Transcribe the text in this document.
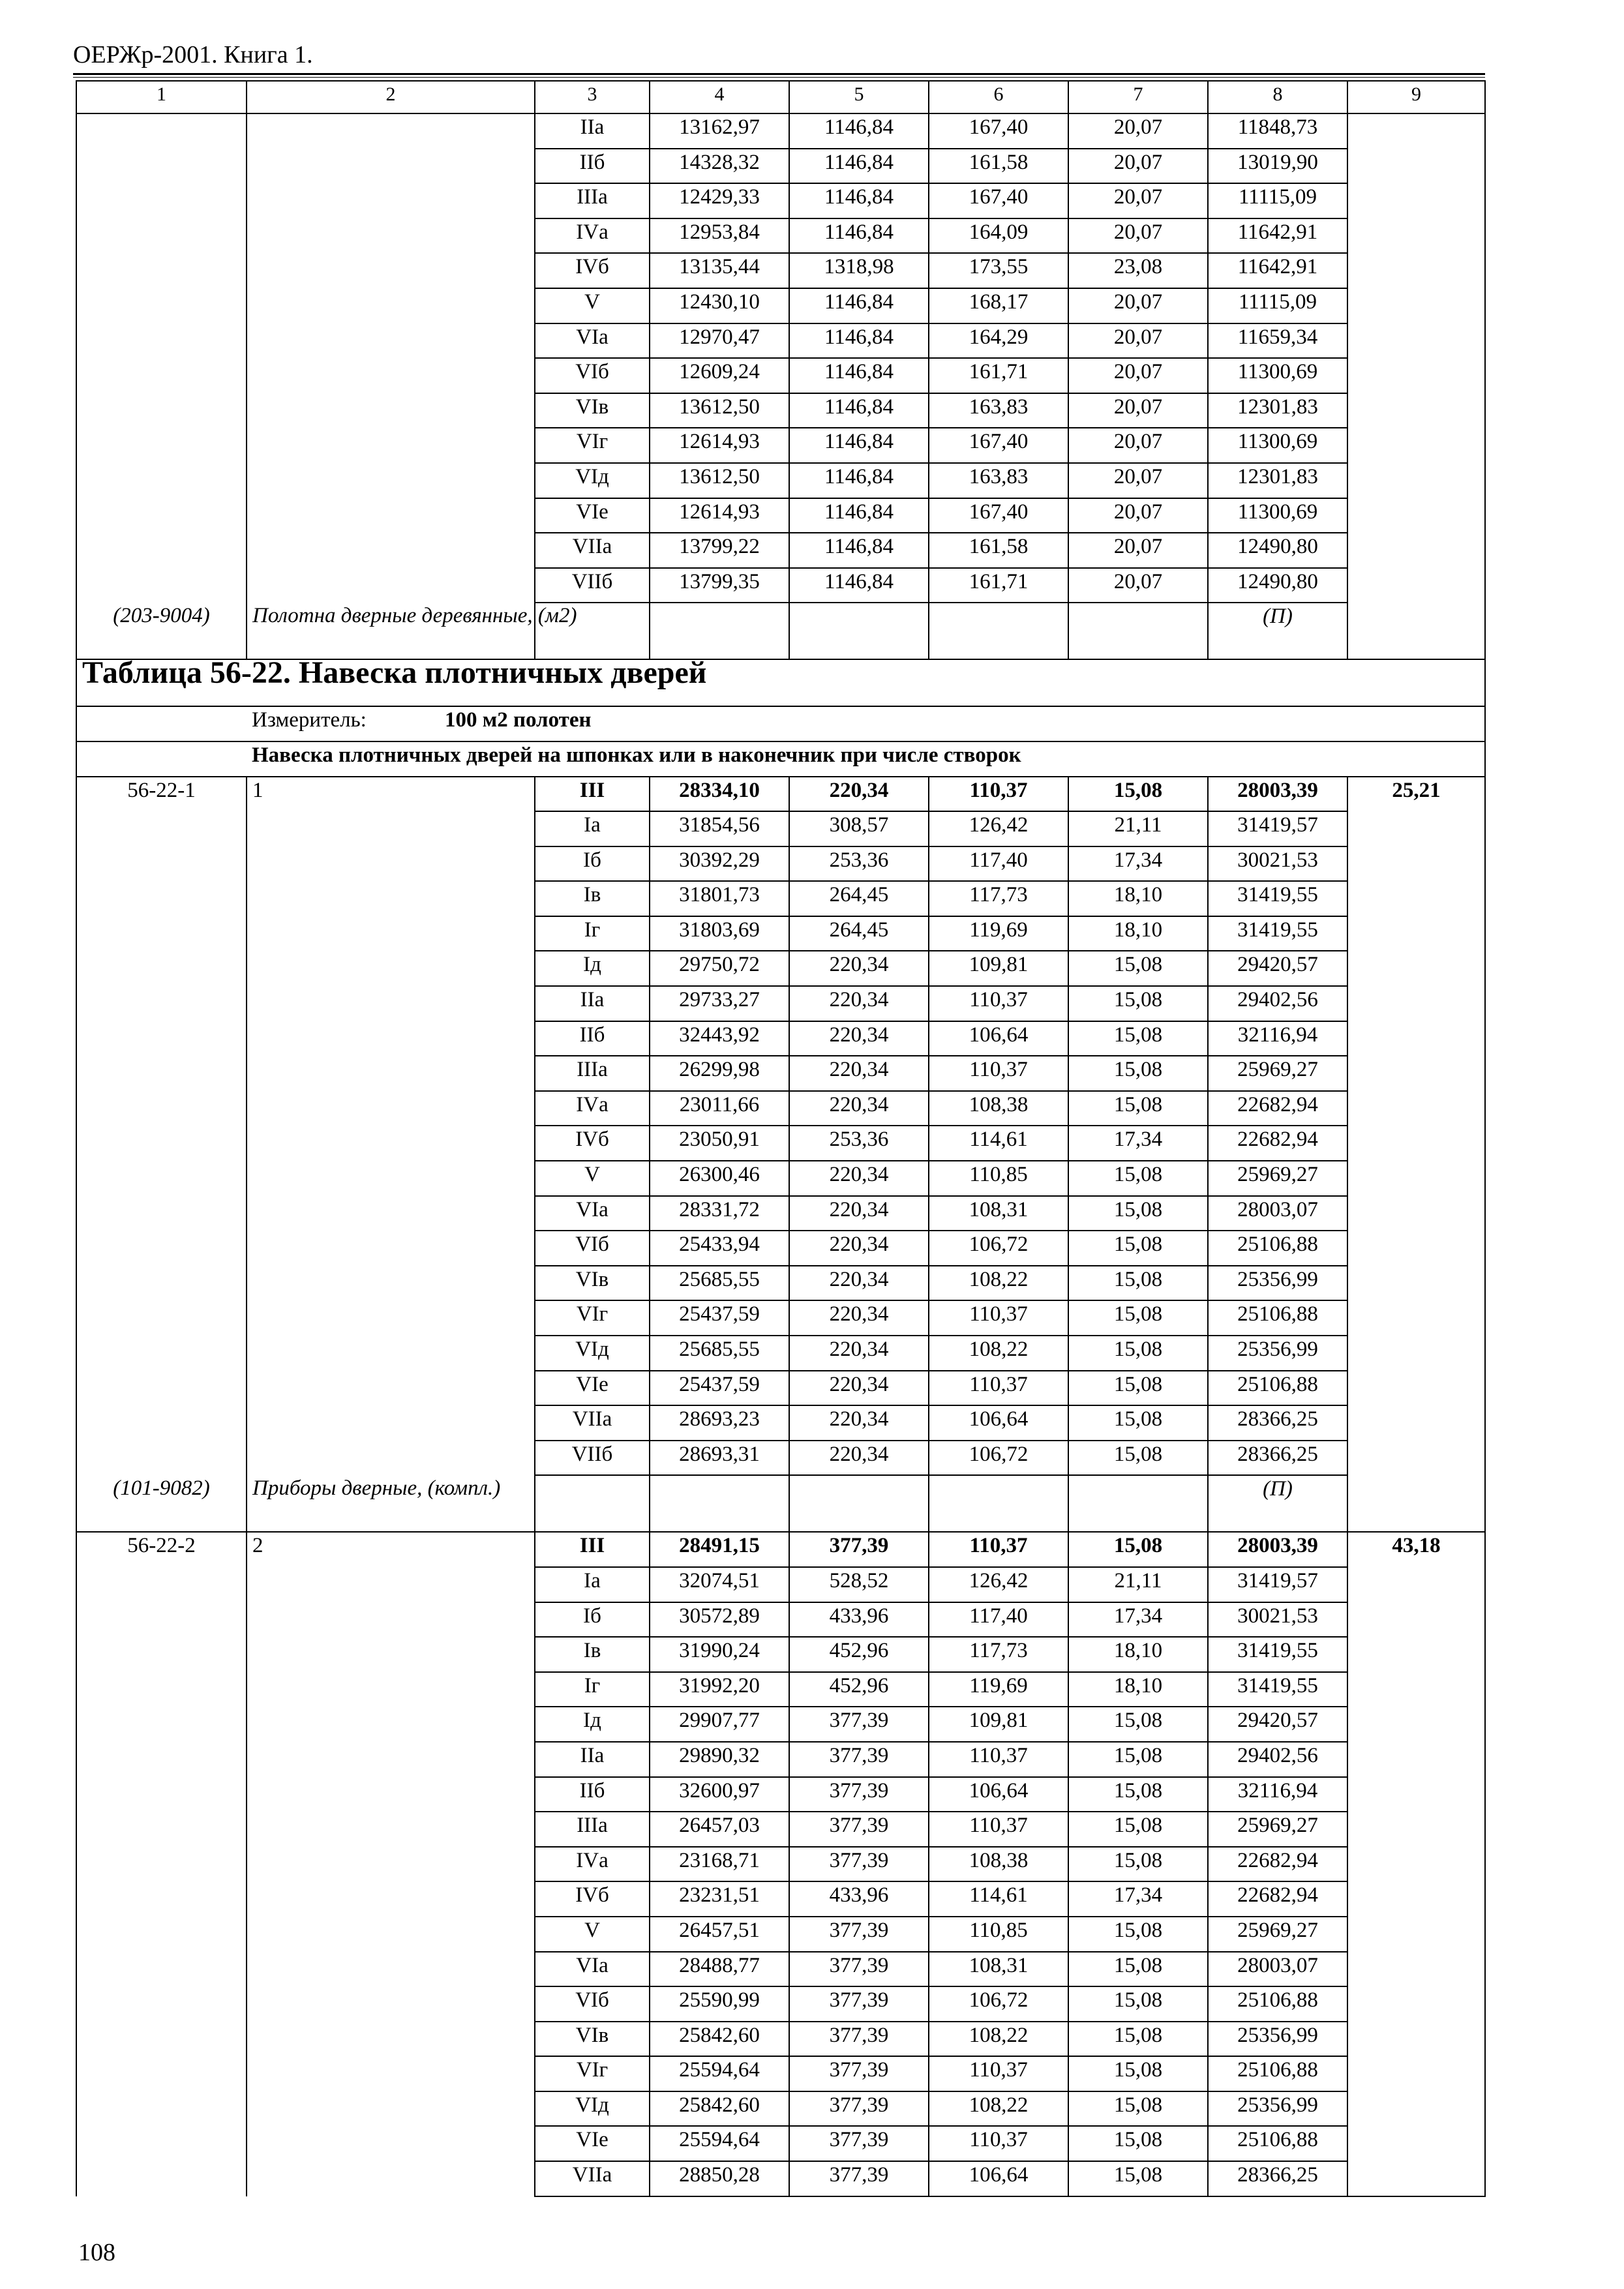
ОЕРЖр-2001. Книга 1.
1	2	3	4	5	6	7	8	9
		IIа	13162,97	1146,84	167,40	20,07	11848,73	
		IIб	14328,32	1146,84	161,58	20,07	13019,90	
		IIIа	12429,33	1146,84	167,40	20,07	11115,09	
		IVа	12953,84	1146,84	164,09	20,07	11642,91	
		IVб	13135,44	1318,98	173,55	23,08	11642,91	
		V	12430,10	1146,84	168,17	20,07	11115,09	
		VIа	12970,47	1146,84	164,29	20,07	11659,34	
		VIб	12609,24	1146,84	161,71	20,07	11300,69	
		VIв	13612,50	1146,84	163,83	20,07	12301,83	
		VIг	12614,93	1146,84	167,40	20,07	11300,69	
		VIд	13612,50	1146,84	163,83	20,07	12301,83	
		VIе	12614,93	1146,84	167,40	20,07	11300,69	
		VIIа	13799,22	1146,84	161,58	20,07	12490,80	
		VIIб	13799,35	1146,84	161,71	20,07	12490,80	
(203-9004)	Полотна дверные деревянные, (м2)						(П)	
Таблица 56-22. Навеска плотничных дверей								
	Измеритель: 100 м2 полотен							
	Навеска плотничных дверей на шпонках или в наконечник при числе створок							
56-22-1	1	III	28334,10	220,34	110,37	15,08	28003,39	25,21
		Iа	31854,56	308,57	126,42	21,11	31419,57	
		Iб	30392,29	253,36	117,40	17,34	30021,53	
		Iв	31801,73	264,45	117,73	18,10	31419,55	
		Iг	31803,69	264,45	119,69	18,10	31419,55	
		Iд	29750,72	220,34	109,81	15,08	29420,57	
		IIа	29733,27	220,34	110,37	15,08	29402,56	
		IIб	32443,92	220,34	106,64	15,08	32116,94	
		IIIа	26299,98	220,34	110,37	15,08	25969,27	
		IVа	23011,66	220,34	108,38	15,08	22682,94	
		IVб	23050,91	253,36	114,61	17,34	22682,94	
		V	26300,46	220,34	110,85	15,08	25969,27	
		VIа	28331,72	220,34	108,31	15,08	28003,07	
		VIб	25433,94	220,34	106,72	15,08	25106,88	
		VIв	25685,55	220,34	108,22	15,08	25356,99	
		VIг	25437,59	220,34	110,37	15,08	25106,88	
		VIд	25685,55	220,34	108,22	15,08	25356,99	
		VIе	25437,59	220,34	110,37	15,08	25106,88	
		VIIа	28693,23	220,34	106,64	15,08	28366,25	
		VIIб	28693,31	220,34	106,72	15,08	28366,25	
(101-9082)	Приборы дверные, (компл.)						(П)	
56-22-2	2	III	28491,15	377,39	110,37	15,08	28003,39	43,18
		Iа	32074,51	528,52	126,42	21,11	31419,57	
		Iб	30572,89	433,96	117,40	17,34	30021,53	
		Iв	31990,24	452,96	117,73	18,10	31419,55	
		Iг	31992,20	452,96	119,69	18,10	31419,55	
		Iд	29907,77	377,39	109,81	15,08	29420,57	
		IIа	29890,32	377,39	110,37	15,08	29402,56	
		IIб	32600,97	377,39	106,64	15,08	32116,94	
		IIIа	26457,03	377,39	110,37	15,08	25969,27	
		IVа	23168,71	377,39	108,38	15,08	22682,94	
		IVб	23231,51	433,96	114,61	17,34	22682,94	
		V	26457,51	377,39	110,85	15,08	25969,27	
		VIа	28488,77	377,39	108,31	15,08	28003,07	
		VIб	25590,99	377,39	106,72	15,08	25106,88	
		VIв	25842,60	377,39	108,22	15,08	25356,99	
		VIг	25594,64	377,39	110,37	15,08	25106,88	
		VIд	25842,60	377,39	108,22	15,08	25356,99	
		VIе	25594,64	377,39	110,37	15,08	25106,88	
		VIIа	28850,28	377,39	106,64	15,08	28366,25	
108
